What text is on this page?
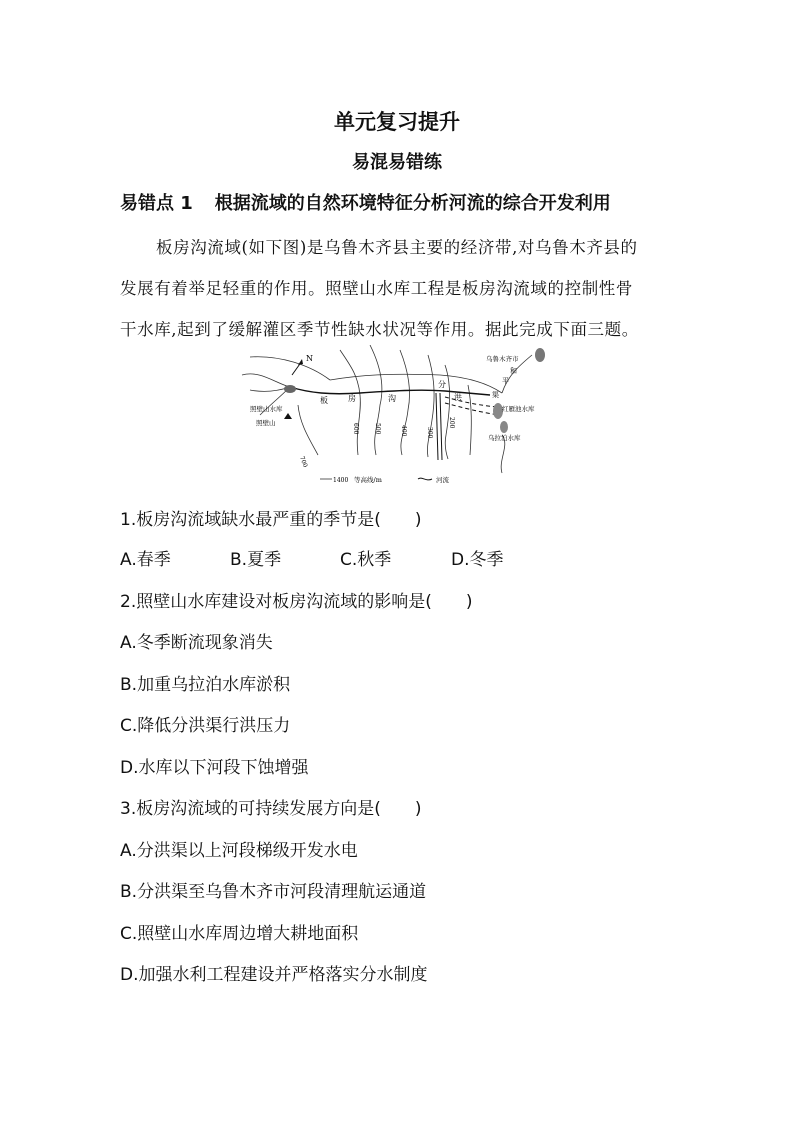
单元复习提升
易混易错练
易错点 1 根据流域的自然环境特征分析河流的综合开发利用
板房沟流域(如下图)是乌鲁木齐县主要的经济带,对乌鲁木齐县的
发展有着举足轻重的作用。照壁山水库工程是板房沟流域的控制性骨
干水库,起到了缓解灌区季节性缺水状况等作用。据此完成下面三题。
N
照壁山水库
照壁山
板	房	沟
分
洪
乌鲁木齐市
和
平
渠
红雁池水库
乌拉泊水库
700
600	500	400	300
200
1400 等高线/m	河流
1.板房沟流域缺水最严重的季节是(　　)
A.春季	B.夏季	C.秋季	D.冬季
2.照壁山水库建设对板房沟流域的影响是(　　)
A.冬季断流现象消失
B.加重乌拉泊水库淤积
C.降低分洪渠行洪压力
D.水库以下河段下蚀增强
3.板房沟流域的可持续发展方向是(　　)
A.分洪渠以上河段梯级开发水电
B.分洪渠至乌鲁木齐市河段清理航运通道
C.照壁山水库周边增大耕地面积
D.加强水利工程建设并严格落实分水制度
